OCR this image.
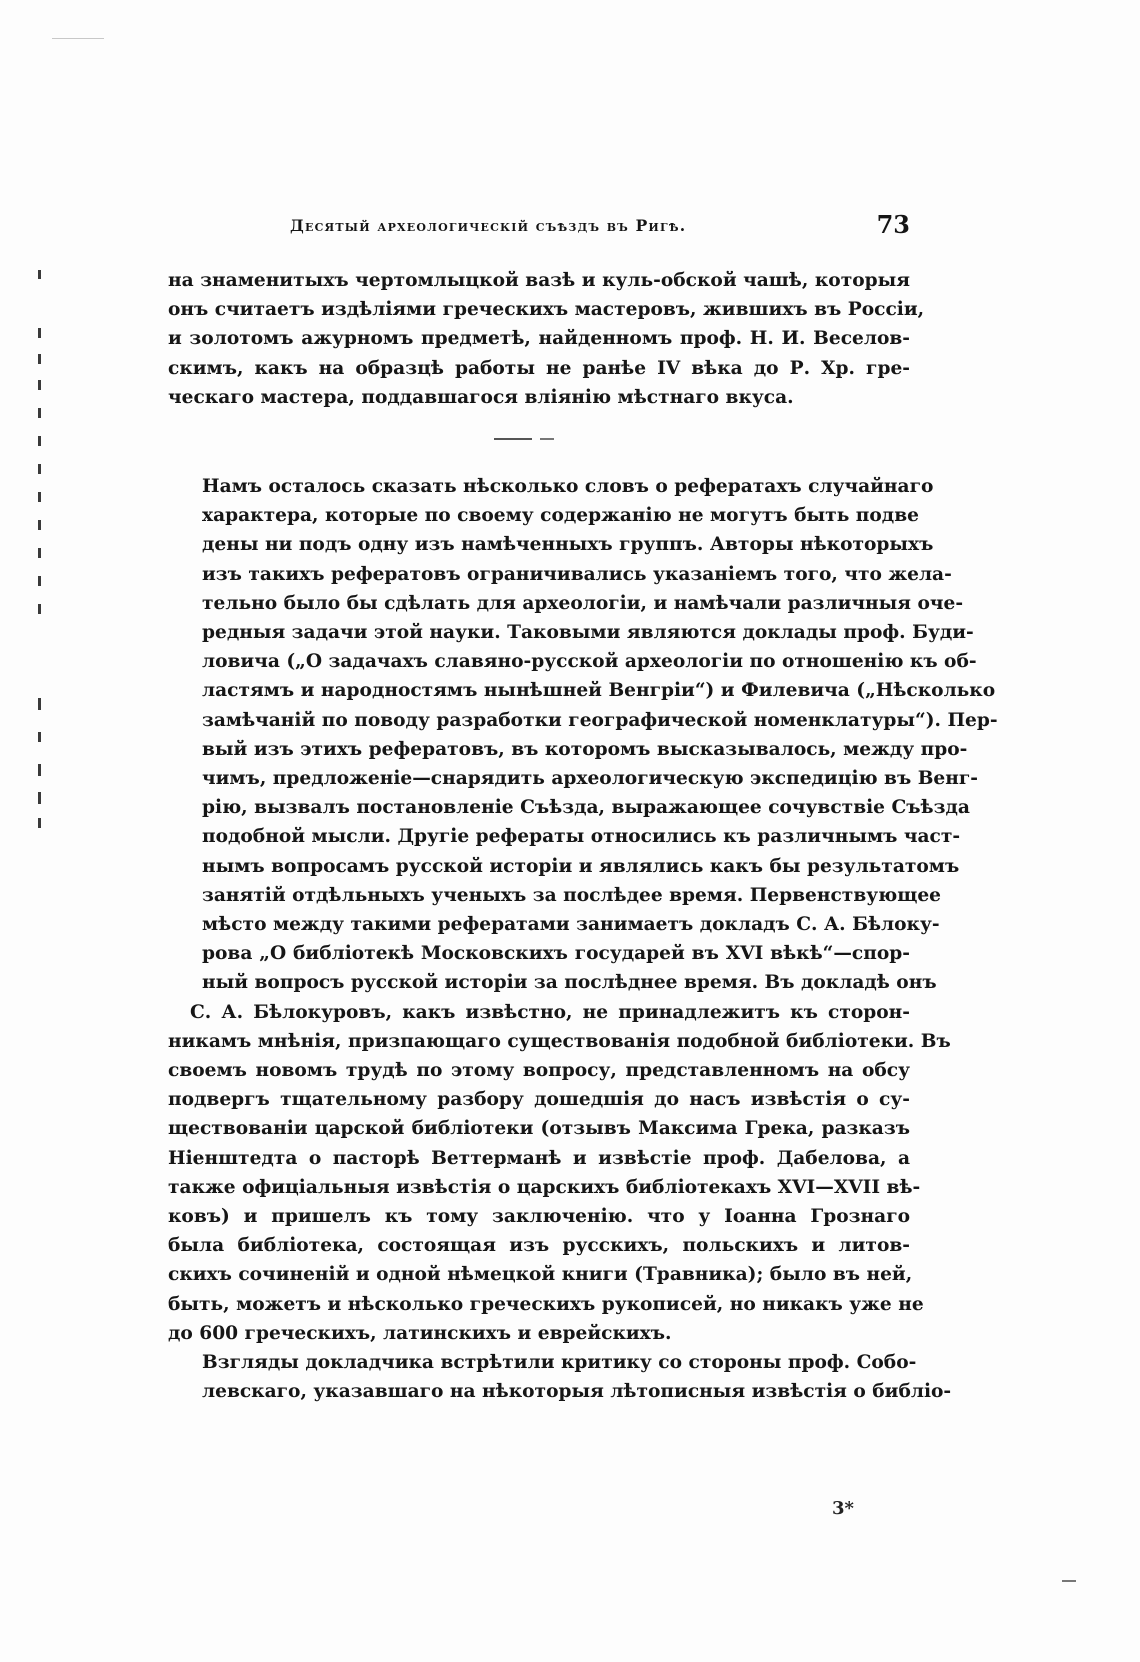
Десятый археологическій съѣздъ въ Ригѣ.	73

на знаменитыхъ чертомлыцкой вазѣ и куль-обской чашѣ, которыя
онъ считаетъ издѣліями греческихъ мастеровъ, жившихъ въ Россіи,
и золотомъ ажурномъ предметѣ, найденномъ проф. Н. И. Веселов-
скимъ, какъ на образцѣ работы не ранѣе IV вѣка до Р. Хр. гре-
ческаго мастера, поддавшагося вліянію мѣстнаго вкуса.

Намъ осталось сказать нѣсколько словъ о рефератахъ случайнаго
характера, которые по своему содержанію не могутъ быть подве
дены ни подъ одну изъ намѣченныхъ группъ. Авторы нѣкоторыхъ
изъ такихъ рефератовъ ограничивались указаніемъ того, что жела-
тельно было бы сдѣлать для археологіи, и намѣчали различныя оче-
редныя задачи этой науки. Таковыми являются доклады проф. Буди-
ловича („О задачахъ славяно-русской археологіи по отношенію къ об-
ластямъ и народностямъ нынѣшней Венгріи“) и Филевича („Нѣсколько
замѣчаній по поводу разработки географической номенклатуры“). Пер-
вый изъ этихъ рефератовъ, въ которомъ высказывалось, между про-
чимъ, предложеніе—снарядить археологическую экспедицію въ Венг-
рію, вызвалъ постановленіе Съѣзда, выражающее сочувствіе Съѣзда
подобной мысли. Другіе рефераты относились къ различнымъ част-
нымъ вопросамъ русской исторіи и являлись какъ бы результатомъ
занятій отдѣльныхъ ученыхъ за послѣдее время. Первенствующее
мѣсто между такими рефератами занимаетъ докладъ С. А. Бѣлоку-
рова „О библіотекѣ Московскихъ государей въ XVI вѣкѣ“—спор-
ный вопросъ русской исторіи за послѣднее время. Въ докладѣ онъ

С. А. Бѣлокуровъ, какъ извѣстно, не принадлежитъ къ сторон-
никамъ мнѣнія, призпающаго существованія подобной библіотеки. Въ
своемъ новомъ трудѣ по этому вопросу, представленномъ на обсу
подвергъ тщательному разбору дошедшія до насъ извѣстія о су-
ществованіи царской библіотеки (отзывъ Максима Грека, разказъ
Ніенштедта о пасторѣ Веттерманѣ и извѣстіе проф. Дабелова, а
также офиціальныя извѣстія о царскихъ библіотекахъ XVI—XVII вѣ-
ковъ) и пришелъ къ тому заключенію. что у Іоанна Грознаго
была библіотека, состоящая изъ русскихъ, польскихъ и литов-
скихъ сочиненій и одной нѣмецкой книги (Травника); было въ ней,
быть, можетъ и нѣсколько греческихъ рукописей, но никакъ уже не
до 600 греческихъ, латинскихъ и еврейскихъ.

Взгляды докладчика встрѣтили критику со стороны проф. Собо-
левскаго, указавшаго на нѣкоторыя лѣтописныя извѣстія о библіо-

3*
